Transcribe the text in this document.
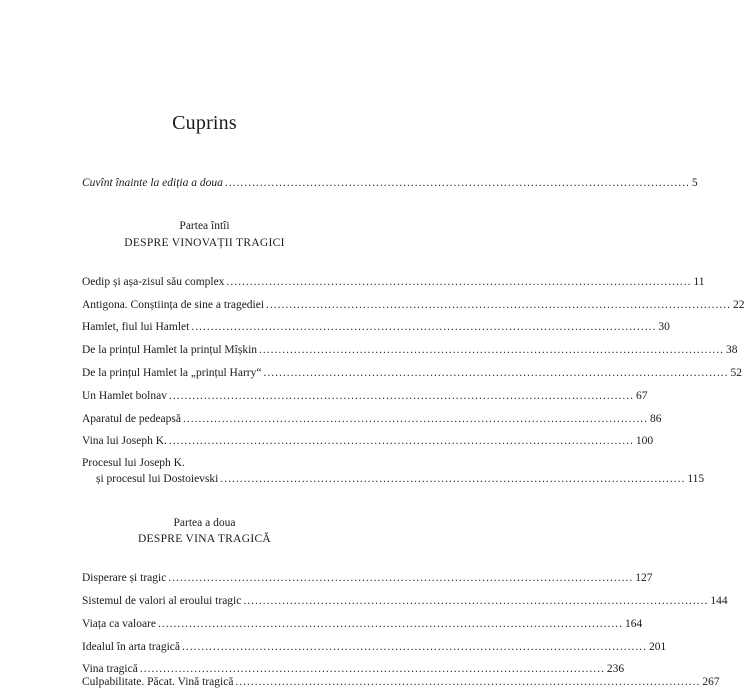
Cuprins
Cuvînt înainte la ediția a doua .....	5
Partea întîi
DESPRE VINOVAȚII TRAGICI
Oedip și așa-zisul său complex .....	11
Antigona. Conștiința de sine a tragediei .....	22
Hamlet, fiul lui Hamlet .....	30
De la prințul Hamlet la prințul Mîșkin .....	38
De la prințul Hamlet la „prințul Harry“ .....	52
Un Hamlet bolnav .....	67
Aparatul de pedeapsă .....	86
Vina lui Joseph K. .....	100
Procesul lui Joseph K.
și procesul lui Dostoievski ........................................................................................................................ 115
Partea a doua
DESPRE VINA TRAGICĂ
Disperare și tragic .....	127
Sistemul de valori al eroului tragic .....	144
Viața ca valoare .....	164
Idealul în arta tragică .....	201
Vina tragică .....	236
Culpabilitate. Păcat. Vină tragică .....	267
